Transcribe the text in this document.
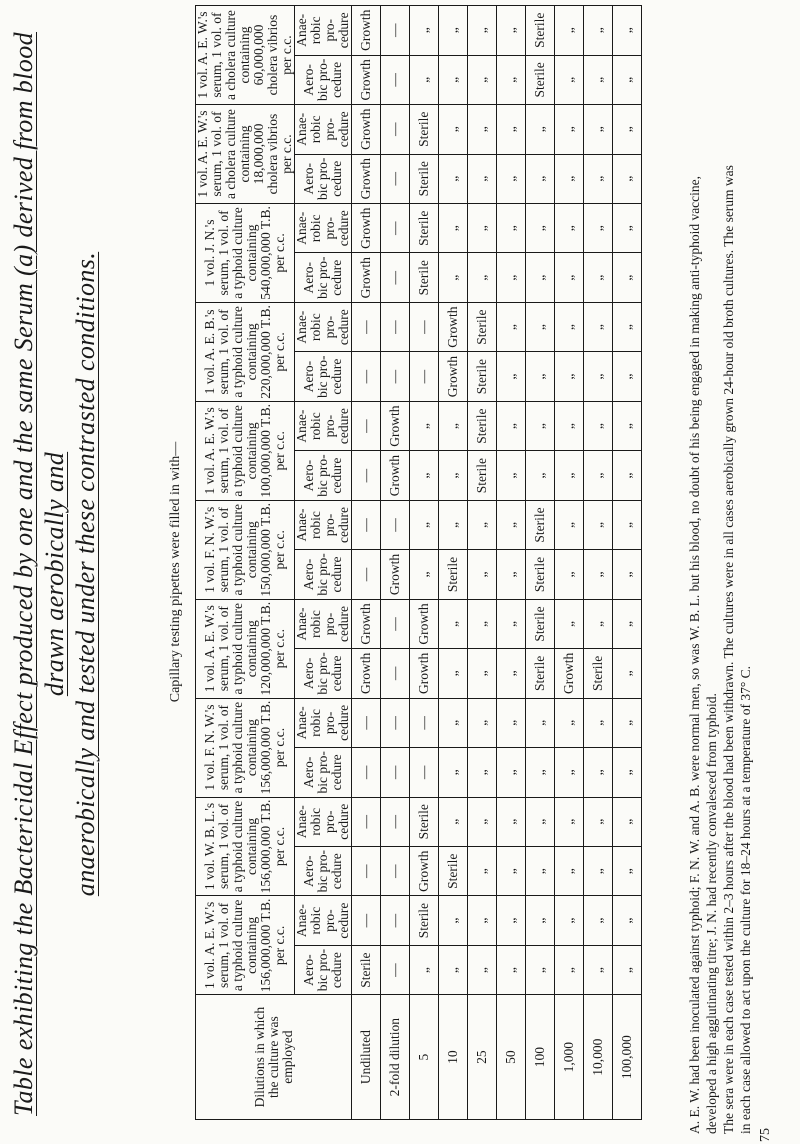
Table exhibiting the Bactericidal Effect produced by one and the same Serum (a) derived from blood drawn aerobically and anaerobically and tested under these contrasted conditions.	Capillary testing pipettes were filled in with—
Dilutions in which the culture was employed	1 vol. A. E. W.'s serum, 1 vol. of a typhoid culture containing 156,000,000 T.B. per c.c.		1 vol. W. B. L.'s serum, 1 vol. of a typhoid culture containing 156,000,000 T.B. per c.c.		1 vol. F. N. W.'s serum, 1 vol. of a typhoid culture containing 156,000,000 T.B. per c.c.		1 vol. A. E. W.'s serum, 1 vol. of a typhoid culture containing 120,000,000 T.B. per c.c.		1 vol. F. N. W.'s serum, 1 vol. of a typhoid culture containing 150,000,000 T.B. per c.c.		1 vol. A. E. W.'s serum, 1 vol. of a typhoid culture containing 100,000,000 T.B. per c.c.		1 vol. A. E. B.'s serum, 1 vol. of a typhoid culture containing 220,000,000 T.B. per c.c.		1 vol. J. N.'s serum, 1 vol. of a typhoid culture containing 540,000,000 T.B. per c.c.		1 vol. A. E. W.'s serum, 1 vol. of a cholera culture containing 18,000,000 cholera vibrios per c.c.		1 vol. A. E. W.'s serum, 1 vol. of a cholera culture containing 60,000,000 cholera vibrios per c.c.	
	Aero-bic pro-cedure	Anae-robic pro-cedure	Aero-bic pro-cedure	Anae-robic pro-cedure	Aero-bic pro-cedure	Anae-robic pro-cedure	Aero-bic pro-cedure	Anae-robic pro-cedure	Aero-bic pro-cedure	Anae-robic pro-cedure	Aero-bic pro-cedure	Anae-robic pro-cedure	Aero-bic pro-cedure	Anae-robic pro-cedure	Aero-bic pro-cedure	Anae-robic pro-cedure	Aero-bic pro-cedure	Anae-robic pro-cedure	Aero-bic pro-cedure	Anae-robic pro-cedure
Undiluted	Sterile	—	—	—	—	—	Growth	Growth	—	—	—	—	—	—	Growth	Growth	Growth	Growth	Growth	Growth
2-fold dilution	—	—	—	—	—	—	—	—	Growth	—	Growth	Growth	—	—	—	—	—	—	—	—
5	„	Sterile	Growth	Sterile	—	—	Growth	Growth	„	„	„	„	—	—	Sterile	Sterile	Sterile	Sterile	„	„
10	„	„	Sterile	„	„	„	„	„	Sterile	„	„	„	Growth	Growth	„	„	„	„	„	„
25	„	„	„	„	„	„	„	„	„	„	Sterile	Sterile	Sterile	Sterile	„	„	„	„	„	„
50	„	„	„	„	„	„	„	„	„	„	„	„	„	„	„	„	„	„	„	„
100	„	„	„	„	„	„	Sterile	Sterile	Sterile	Sterile	„	„	„	„	„	„	„	„	Sterile	Sterile
1,000	„	„	„	„	„	„	Growth	„	„	„	„	„	„	„	„	„	„	„	„	„
10,000	„	„	„	„	„	„	Sterile	„	„	„	„	„	„	„	„	„	„	„	„	„
100,000	„	„	„	„	„	„	„	„	„	„	„	„	„	„	„	„	„	„	„	„
75

A. E. W. had been inoculated against typhoid; F. N. W. and A. B. were normal men, so was W. B. L. but his blood, no doubt of his being engaged in making anti-typhoid vaccine, developed a high agglutinating titre; J. N. had recently convalesced from typhoid. The sera were in each case tested within 2–3 hours after the blood had been withdrawn. The cultures were in all cases aerobically grown 24-hour old broth cultures. The serum was in each case allowed to act upon the culture for 18–24 hours at a temperature of 37° C.
